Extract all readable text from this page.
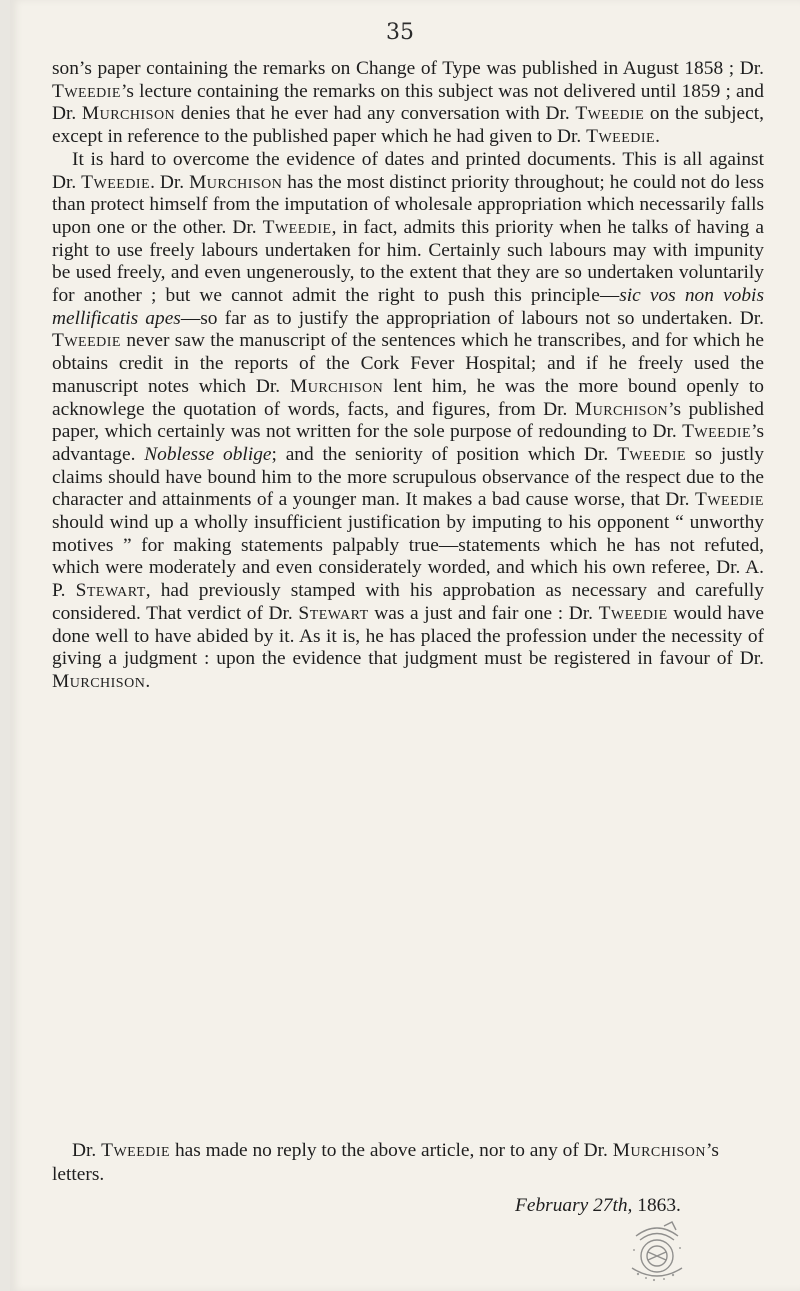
35

son’s paper containing the remarks on Change of Type was published in August 1858 ; Dr. Tweedie’s lecture containing the remarks on this subject was not delivered until 1859 ; and Dr. Murchison denies that he ever had any conversation with Dr. Tweedie on the subject, except in reference to the published paper which he had given to Dr. Tweedie.

It is hard to overcome the evidence of dates and printed documents. This is all against Dr. Tweedie. Dr. Murchison has the most distinct priority throughout; he could not do less than protect himself from the imputation of wholesale appropriation which necessarily falls upon one or the other. Dr. Tweedie, in fact, admits this priority when he talks of having a right to use freely labours undertaken for him. Certainly such labours may with impunity be used freely, and even ungenerously, to the extent that they are so undertaken voluntarily for another ; but we cannot admit the right to push this principle—sic vos non vobis mellificatis apes—so far as to justify the appropriation of labours not so undertaken. Dr. Tweedie never saw the manuscript of the sentences which he transcribes, and for which he obtains credit in the reports of the Cork Fever Hospital; and if he freely used the manuscript notes which Dr. Murchison lent him, he was the more bound openly to acknowlege the quotation of words, facts, and figures, from Dr. Murchison’s published paper, which certainly was not written for the sole purpose of redounding to Dr. Tweedie’s advantage. Noblesse oblige; and the seniority of position which Dr. Tweedie so justly claims should have bound him to the more scrupulous observance of the respect due to the character and attainments of a younger man. It makes a bad cause worse, that Dr. Tweedie should wind up a wholly insufficient justification by imputing to his opponent “ unworthy motives ” for making statements palpably true—statements which he has not refuted, which were moderately and even considerately worded, and which his own referee, Dr. A. P. Stewart, had previously stamped with his approbation as necessary and carefully considered. That verdict of Dr. Stewart was a just and fair one : Dr. Tweedie would have done well to have abided by it. As it is, he has placed the profession under the necessity of giving a judgment : upon the evidence that judgment must be registered in favour of Dr. Murchison.

Dr. Tweedie has made no reply to the above article, nor to any of Dr. Murchison’s letters.
February 27th, 1863.
